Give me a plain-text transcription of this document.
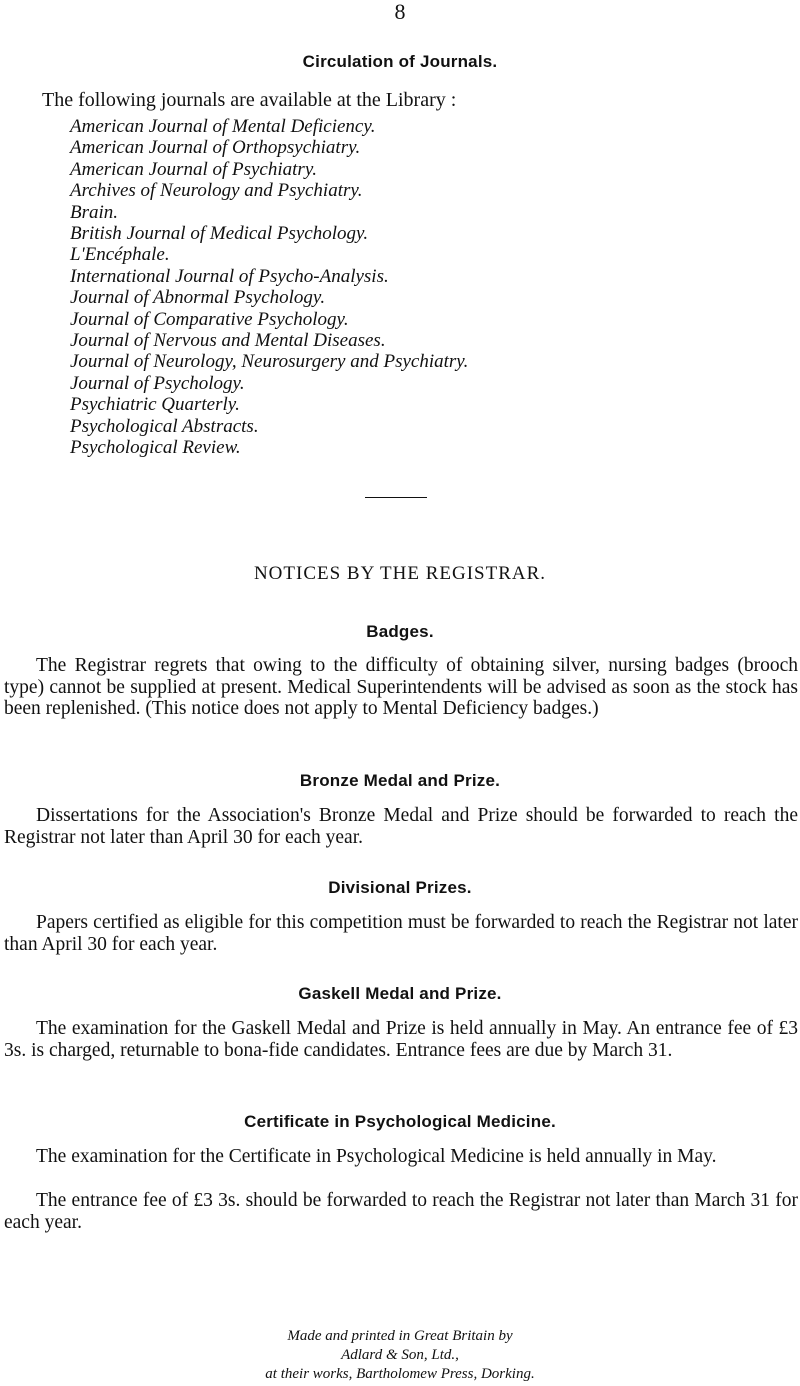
8
Circulation of Journals.
The following journals are available at the Library :
American Journal of Mental Deficiency.
American Journal of Orthopsychiatry.
American Journal of Psychiatry.
Archives of Neurology and Psychiatry.
Brain.
British Journal of Medical Psychology.
L'Encéphale.
International Journal of Psycho-Analysis.
Journal of Abnormal Psychology.
Journal of Comparative Psychology.
Journal of Nervous and Mental Diseases.
Journal of Neurology, Neurosurgery and Psychiatry.
Journal of Psychology.
Psychiatric Quarterly.
Psychological Abstracts.
Psychological Review.
NOTICES BY THE REGISTRAR.
Badges.

The Registrar regrets that owing to the difficulty of obtaining silver, nursing badges (brooch type) cannot be supplied at present. Medical Superintendents will be advised as soon as the stock has been replenished. (This notice does not apply to Mental Deficiency badges.)

Bronze Medal and Prize.

Dissertations for the Association's Bronze Medal and Prize should be forwarded to reach the Registrar not later than April 30 for each year.

Divisional Prizes.

Papers certified as eligible for this competition must be forwarded to reach the Registrar not later than April 30 for each year.

Gaskell Medal and Prize.

The examination for the Gaskell Medal and Prize is held annually in May. An entrance fee of £3 3s. is charged, returnable to bona-fide candidates. Entrance fees are due by March 31.

Certificate in Psychological Medicine.

The examination for the Certificate in Psychological Medicine is held annually in May.

The entrance fee of £3 3s. should be forwarded to reach the Registrar not later than March 31 for each year.

Made and printed in Great Britain by
Adlard & Son, Ltd.,
at their works, Bartholomew Press, Dorking.
